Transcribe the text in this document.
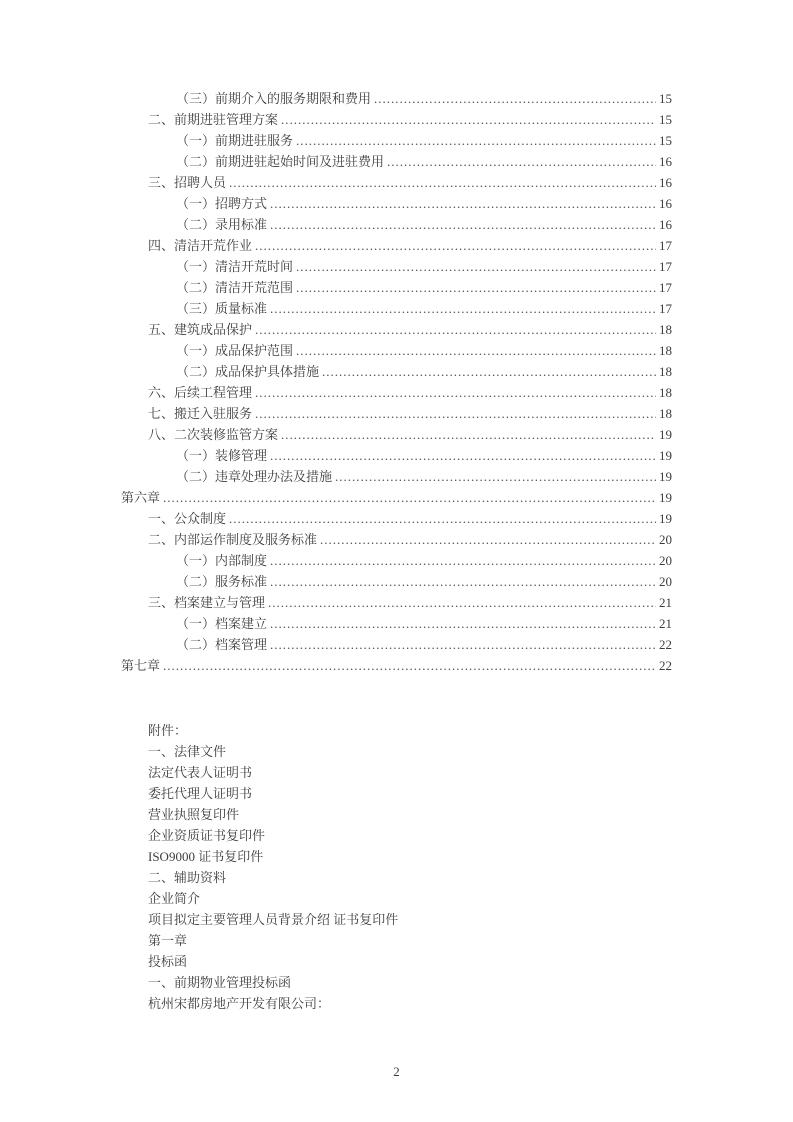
（三）前期介入的服务期限和费用 .....	15
二、前期进驻管理方案 .....	15
（一）前期进驻服务 .....	15
（二）前期进驻起始时间及进驻费用 .....	16
三、招聘人员 .....	16
（一）招聘方式 .....	16
（二）录用标准 .....	16
四、清洁开荒作业 .....	17
（一）清洁开荒时间 .....	17
（二）清洁开荒范围 .....	17
（三）质量标准 .....	17
五、建筑成品保护 .....	18
（一）成品保护范围 .....	18
（二）成品保护具体措施 .....	18
六、后续工程管理 .....	18
七、搬迁入驻服务 .....	18
八、二次装修监管方案 .....	19
（一）装修管理 .....	19
（二）违章处理办法及措施 .....	19
第六章 .....	19
一、公众制度 .....	19
二、内部运作制度及服务标准 .....	20
（一）内部制度 .....	20
（二）服务标准 .....	20
三、档案建立与管理 .....	21
（一）档案建立 .....	21
（二）档案管理 .....	22
第七章 .....	22
附件：
一、法律文件
法定代表人证明书
委托代理人证明书
营业执照复印件
企业资质证书复印件
ISO9000 证书复印件
二、辅助资料
企业简介
项目拟定主要管理人员背景介绍 证书复印件
第一章
投标函
一、前期物业管理投标函
杭州宋都房地产开发有限公司：
2
